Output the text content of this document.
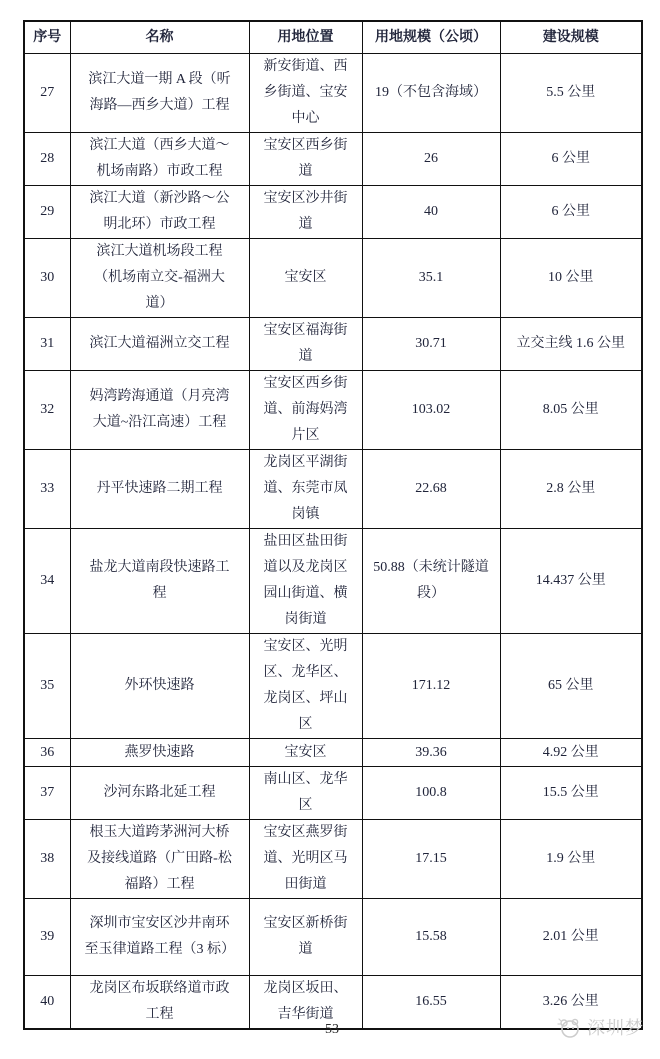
序号	名称	用地位置	用地规模（公顷）	建设规模
27	滨江大道一期 A 段（听海路—西乡大道）工程	新安街道、西乡街道、宝安中心	19（不包含海域）	5.5 公里
28	滨江大道（西乡大道～机场南路）市政工程	宝安区西乡街道	26	6 公里
29	滨江大道（新沙路～公明北环）市政工程	宝安区沙井街道	40	6 公里
30	滨江大道机场段工程（机场南立交-福洲大道）	宝安区	35.1	10 公里
31	滨江大道福洲立交工程	宝安区福海街道	30.71	立交主线 1.6 公里
32	妈湾跨海通道（月亮湾大道~沿江高速）工程	宝安区西乡街道、前海妈湾片区	103.02	8.05 公里
33	丹平快速路二期工程	龙岗区平湖街道、东莞市凤岗镇	22.68	2.8 公里
34	盐龙大道南段快速路工程	盐田区盐田街道以及龙岗区园山街道、横岗街道	50.88（未统计隧道段）	14.437 公里
35	外环快速路	宝安区、光明区、龙华区、龙岗区、坪山区	171.12	65 公里
36	燕罗快速路	宝安区	39.36	4.92 公里
37	沙河东路北延工程	南山区、龙华区	100.8	15.5 公里
38	根玉大道跨茅洲河大桥及接线道路（广田路-松福路）工程	宝安区燕罗街道、光明区马田街道	17.15	1.9 公里
39	深圳市宝安区沙井南环至玉律道路工程（3 标）	宝安区新桥街道	15.58	2.01 公里
40	龙岗区布坂联络道市政工程	龙岗区坂田、吉华街道	16.55	3.26 公里
53	深圳梦
